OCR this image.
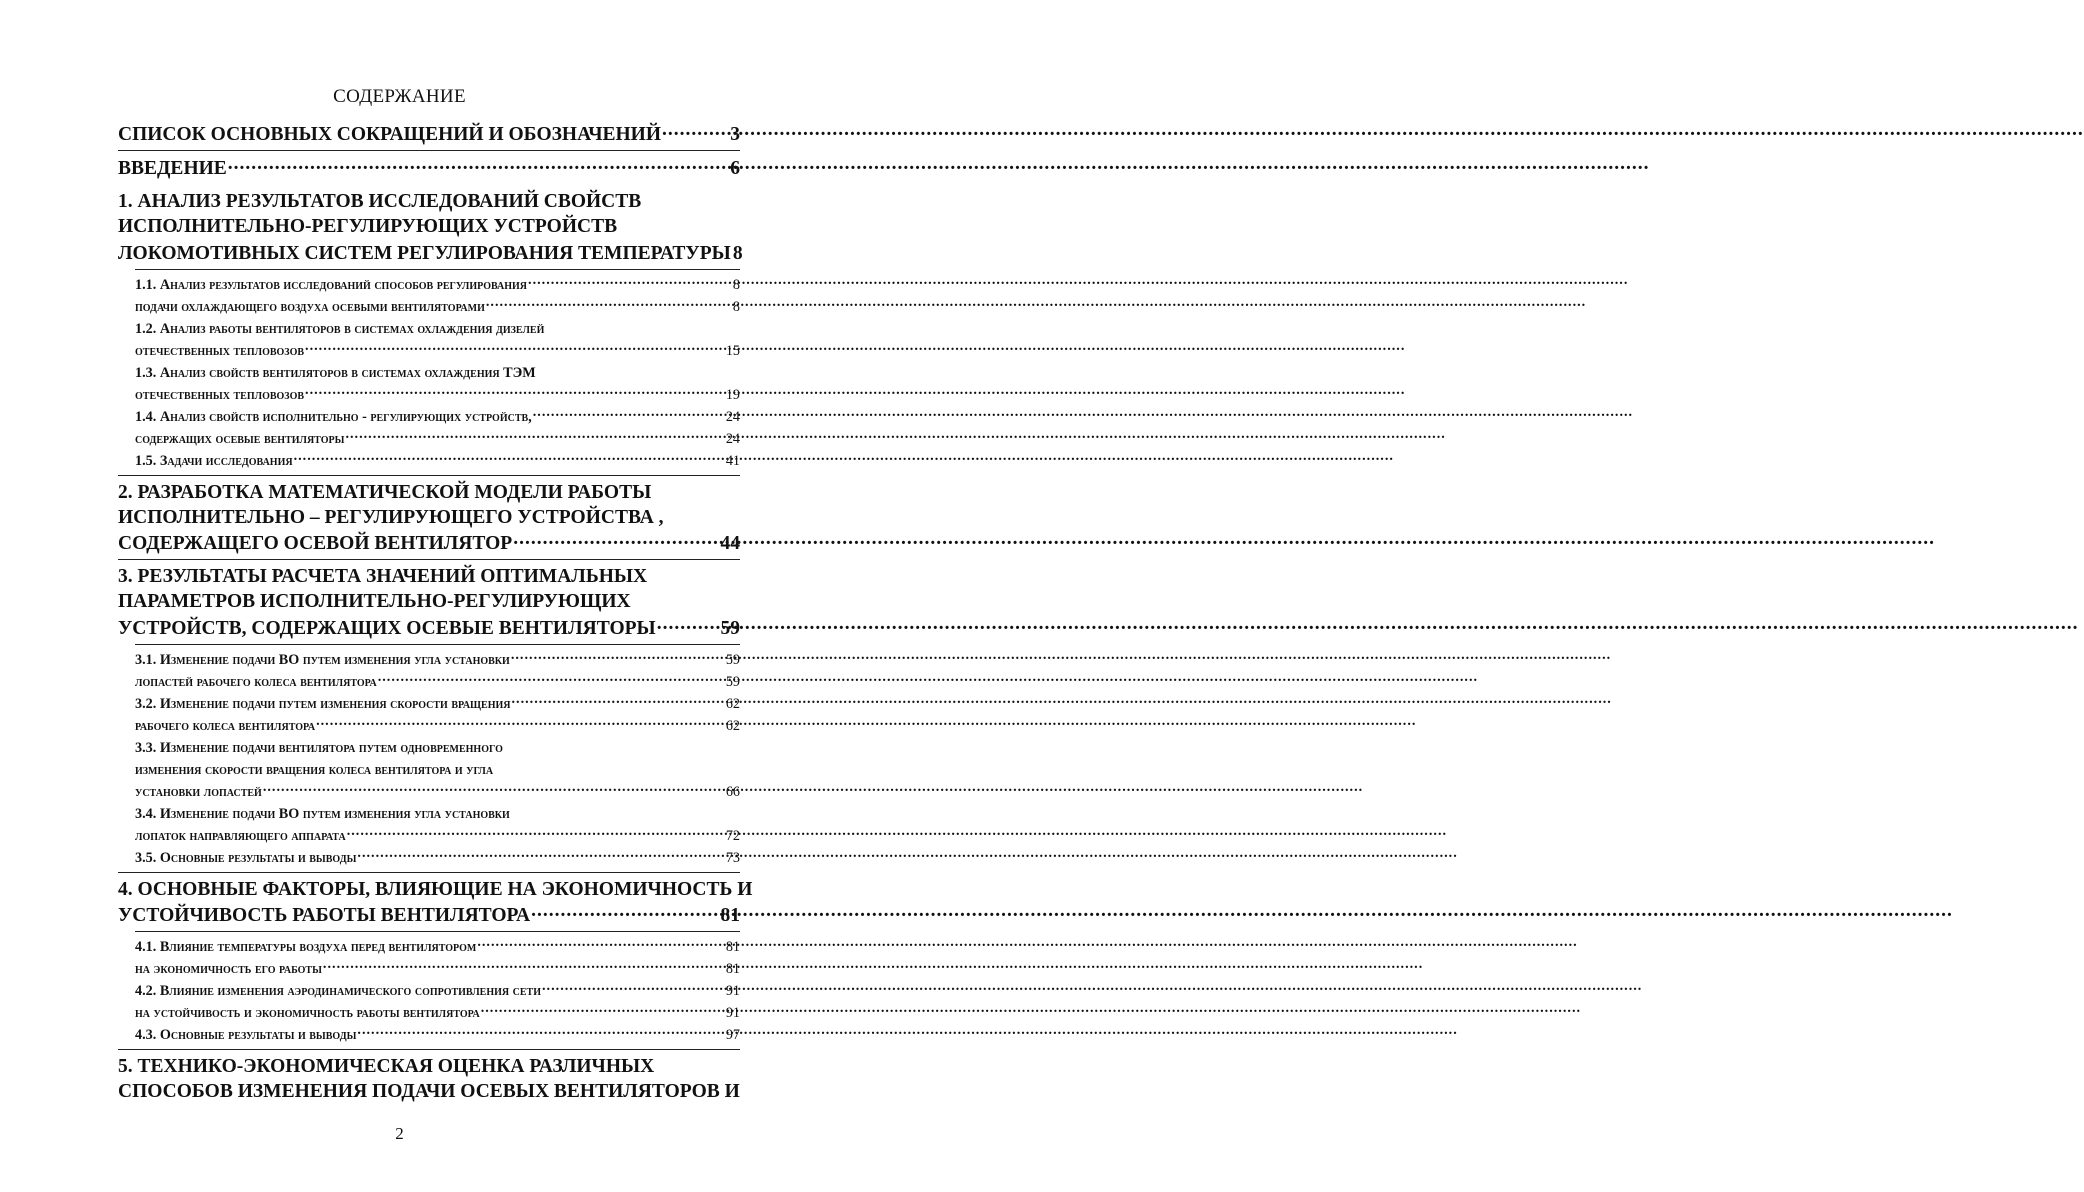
СОДЕРЖАНИЕ
СПИСОК ОСНОВНЫХ СОКРАЩЕНИЙ И ОБОЗНАЧЕНИЙ .....	3
ВВЕДЕНИЕ .....	6
1. АНАЛИЗ РЕЗУЛЬТАТОВ ИССЛЕДОВАНИЙ СВОЙСТВ
ИСПОЛНИТЕЛЬНО-РЕГУЛИРУЮЩИХ УСТРОЙСТВ
ЛОКОМОТИВНЫХ СИСТЕМ РЕГУЛИРОВАНИЯ ТЕМПЕРАТУРЫ 8
1.1. Анализ результатов исследований способов регулирования .....	8
подачи охлаждающего воздуха осевыми вентиляторами .....	8
1.2. Анализ работы вентиляторов в системах охлаждения дизелей
отечественных тепловозов .....	15
1.3. Анализ свойств вентиляторов в системах охлаждения ТЭМ
отечественных тепловозов .....	19
1.4. Анализ свойств исполнительно - регулирующих устройств, .....	24
содержащих осевые вентиляторы .....	24
1.5. Задачи исследования .....	41
2. РАЗРАБОТКА МАТЕМАТИЧЕСКОЙ МОДЕЛИ РАБОТЫ
ИСПОЛНИТЕЛЬНО – РЕГУЛИРУЮЩЕГО УСТРОЙСТВА ,
СОДЕРЖАЩЕГО ОСЕВОЙ ВЕНТИЛЯТОР .....	44
3. РЕЗУЛЬТАТЫ РАСЧЕТА ЗНАЧЕНИЙ ОПТИМАЛЬНЫХ
ПАРАМЕТРОВ ИСПОЛНИТЕЛЬНО-РЕГУЛИРУЮЩИХ
УСТРОЙСТВ, СОДЕРЖАЩИХ ОСЕВЫЕ ВЕНТИЛЯТОРЫ .....	59
3.1. Изменение подачи ВО путем изменения угла установки .....	59
лопастей рабочего колеса вентилятора .....	59
3.2. Изменение подачи путем изменения скорости вращения .....	62
рабочего колеса вентилятора .....	62
3.3. Изменение подачи вентилятора путем одновременного
изменения скорости вращения колеса вентилятора и угла
установки лопастей .....	66
3.4. Изменение подачи ВО путем изменения угла установки
лопаток направляющего аппарата .....	72
3.5. Основные результаты и выводы .....	73
4. ОСНОВНЫЕ ФАКТОРЫ, ВЛИЯЮЩИЕ НА ЭКОНОМИЧНОСТЬ И
УСТОЙЧИВОСТЬ РАБОТЫ ВЕНТИЛЯТОРА .....	81
4.1. Влияние температуры воздуха перед вентилятором .....	81
на экономичность его работы .....	81
4.2. Влияние изменения аэродинамического сопротивления сети .....	91
на устойчивость и экономичность работы вентилятора .....	91
4.3. Основные результаты и выводы .....	97
5. ТЕХНИКО-ЭКОНОМИЧЕСКАЯ ОЦЕНКА РАЗЛИЧНЫХ
СПОСОБОВ ИЗМЕНЕНИЯ ПОДАЧИ ОСЕВЫХ ВЕНТИЛЯТОРОВ И
2
